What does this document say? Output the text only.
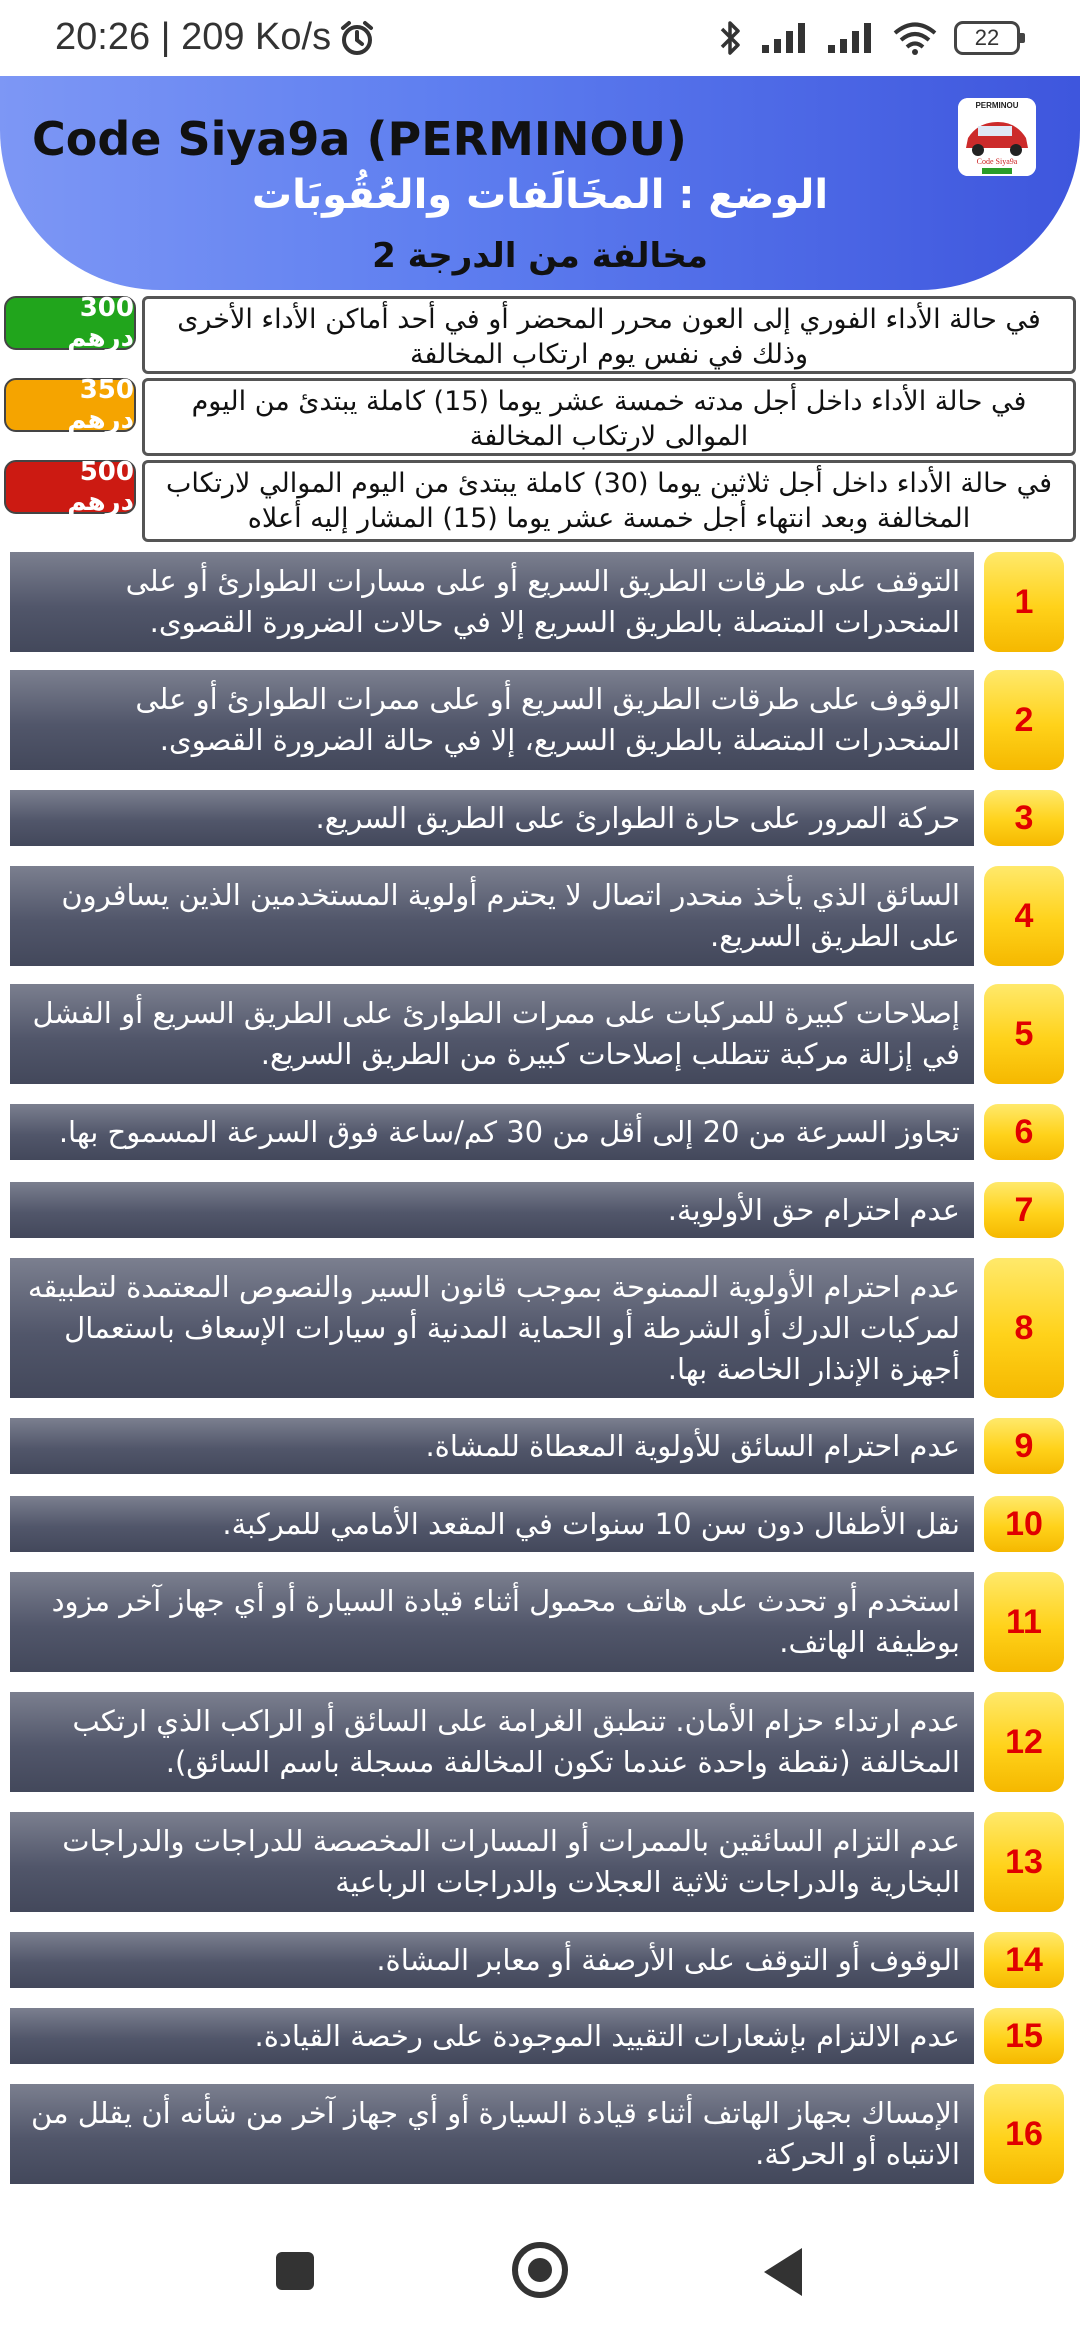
20:26 | 209 Ko/s	22
Code Siya9a (PERMINOU)
PERMINOU
Code Siya9a
الوضع : المخَالَفات والعُقُوبَات
مخالفة من الدرجة 2
300 درهم
في حالة الأداء الفوري إلى العون محرر المحضر أو في أحد أماكن الأداء الأخرى وذلك في نفس يوم ارتكاب المخالفة
350 درهم
في حالة الأداء داخل أجل مدته خمسة عشر يوما (15) كاملة يبتدئ من اليوم الموالى لارتكاب المخالفة
500 درهم
في حالة الأداء داخل أجل ثلاثين يوما (30) كاملة يبتدئ من اليوم الموالي لارتكاب المخالفة وبعد انتهاء أجل خمسة عشر يوما (15) المشار إليه أعلاه
التوقف على طرقات الطريق السريع أو على مسارات الطوارئ أو على المنحدرات المتصلة بالطريق السريع إلا في حالات الضرورة القصوى.
1
الوقوف على طرقات الطريق السريع أو على ممرات الطوارئ أو على المنحدرات المتصلة بالطريق السريع، إلا في حالة الضرورة القصوى.
2
حركة المرور على حارة الطوارئ على الطريق السريع.	3
السائق الذي يأخذ منحدر اتصال لا يحترم أولوية المستخدمين الذين يسافرون على الطريق السريع.
4
إصلاحات كبيرة للمركبات على ممرات الطوارئ على الطريق السريع أو الفشل في إزالة مركبة تتطلب إصلاحات كبيرة من الطريق السريع.
5
تجاوز السرعة من 20 إلى أقل من 30 كم/ساعة فوق السرعة المسموح بها.	6
عدم احترام حق الأولوية.	7
عدم احترام الأولوية الممنوحة بموجب قانون السير والنصوص المعتمدة لتطبيقه لمركبات الدرك أو الشرطة أو الحماية المدنية أو سيارات الإسعاف باستعمال أجهزة الإنذار الخاصة بها.
8
عدم احترام السائق للأولوية المعطاة للمشاة.	9
نقل الأطفال دون سن 10 سنوات في المقعد الأمامي للمركبة.	10
استخدم أو تحدث على هاتف محمول أثناء قيادة السيارة أو أي جهاز آخر مزود بوظيفة الهاتف.
11
عدم ارتداء حزام الأمان. تنطبق الغرامة على السائق أو الراكب الذي ارتكب المخالفة (نقطة واحدة عندما تكون المخالفة مسجلة باسم السائق).
12
عدم التزام السائقين بالممرات أو المسارات المخصصة للدراجات والدراجات البخارية والدراجات ثلاثية العجلات والدراجات الرباعية
13
الوقوف أو التوقف على الأرصفة أو معابر المشاة.	14
عدم الالتزام بإشعارات التقييد الموجودة على رخصة القيادة.	15
الإمساك بجهاز الهاتف أثناء قيادة السيارة أو أي جهاز آخر من شأنه أن يقلل من الانتباه أو الحركة.
16
